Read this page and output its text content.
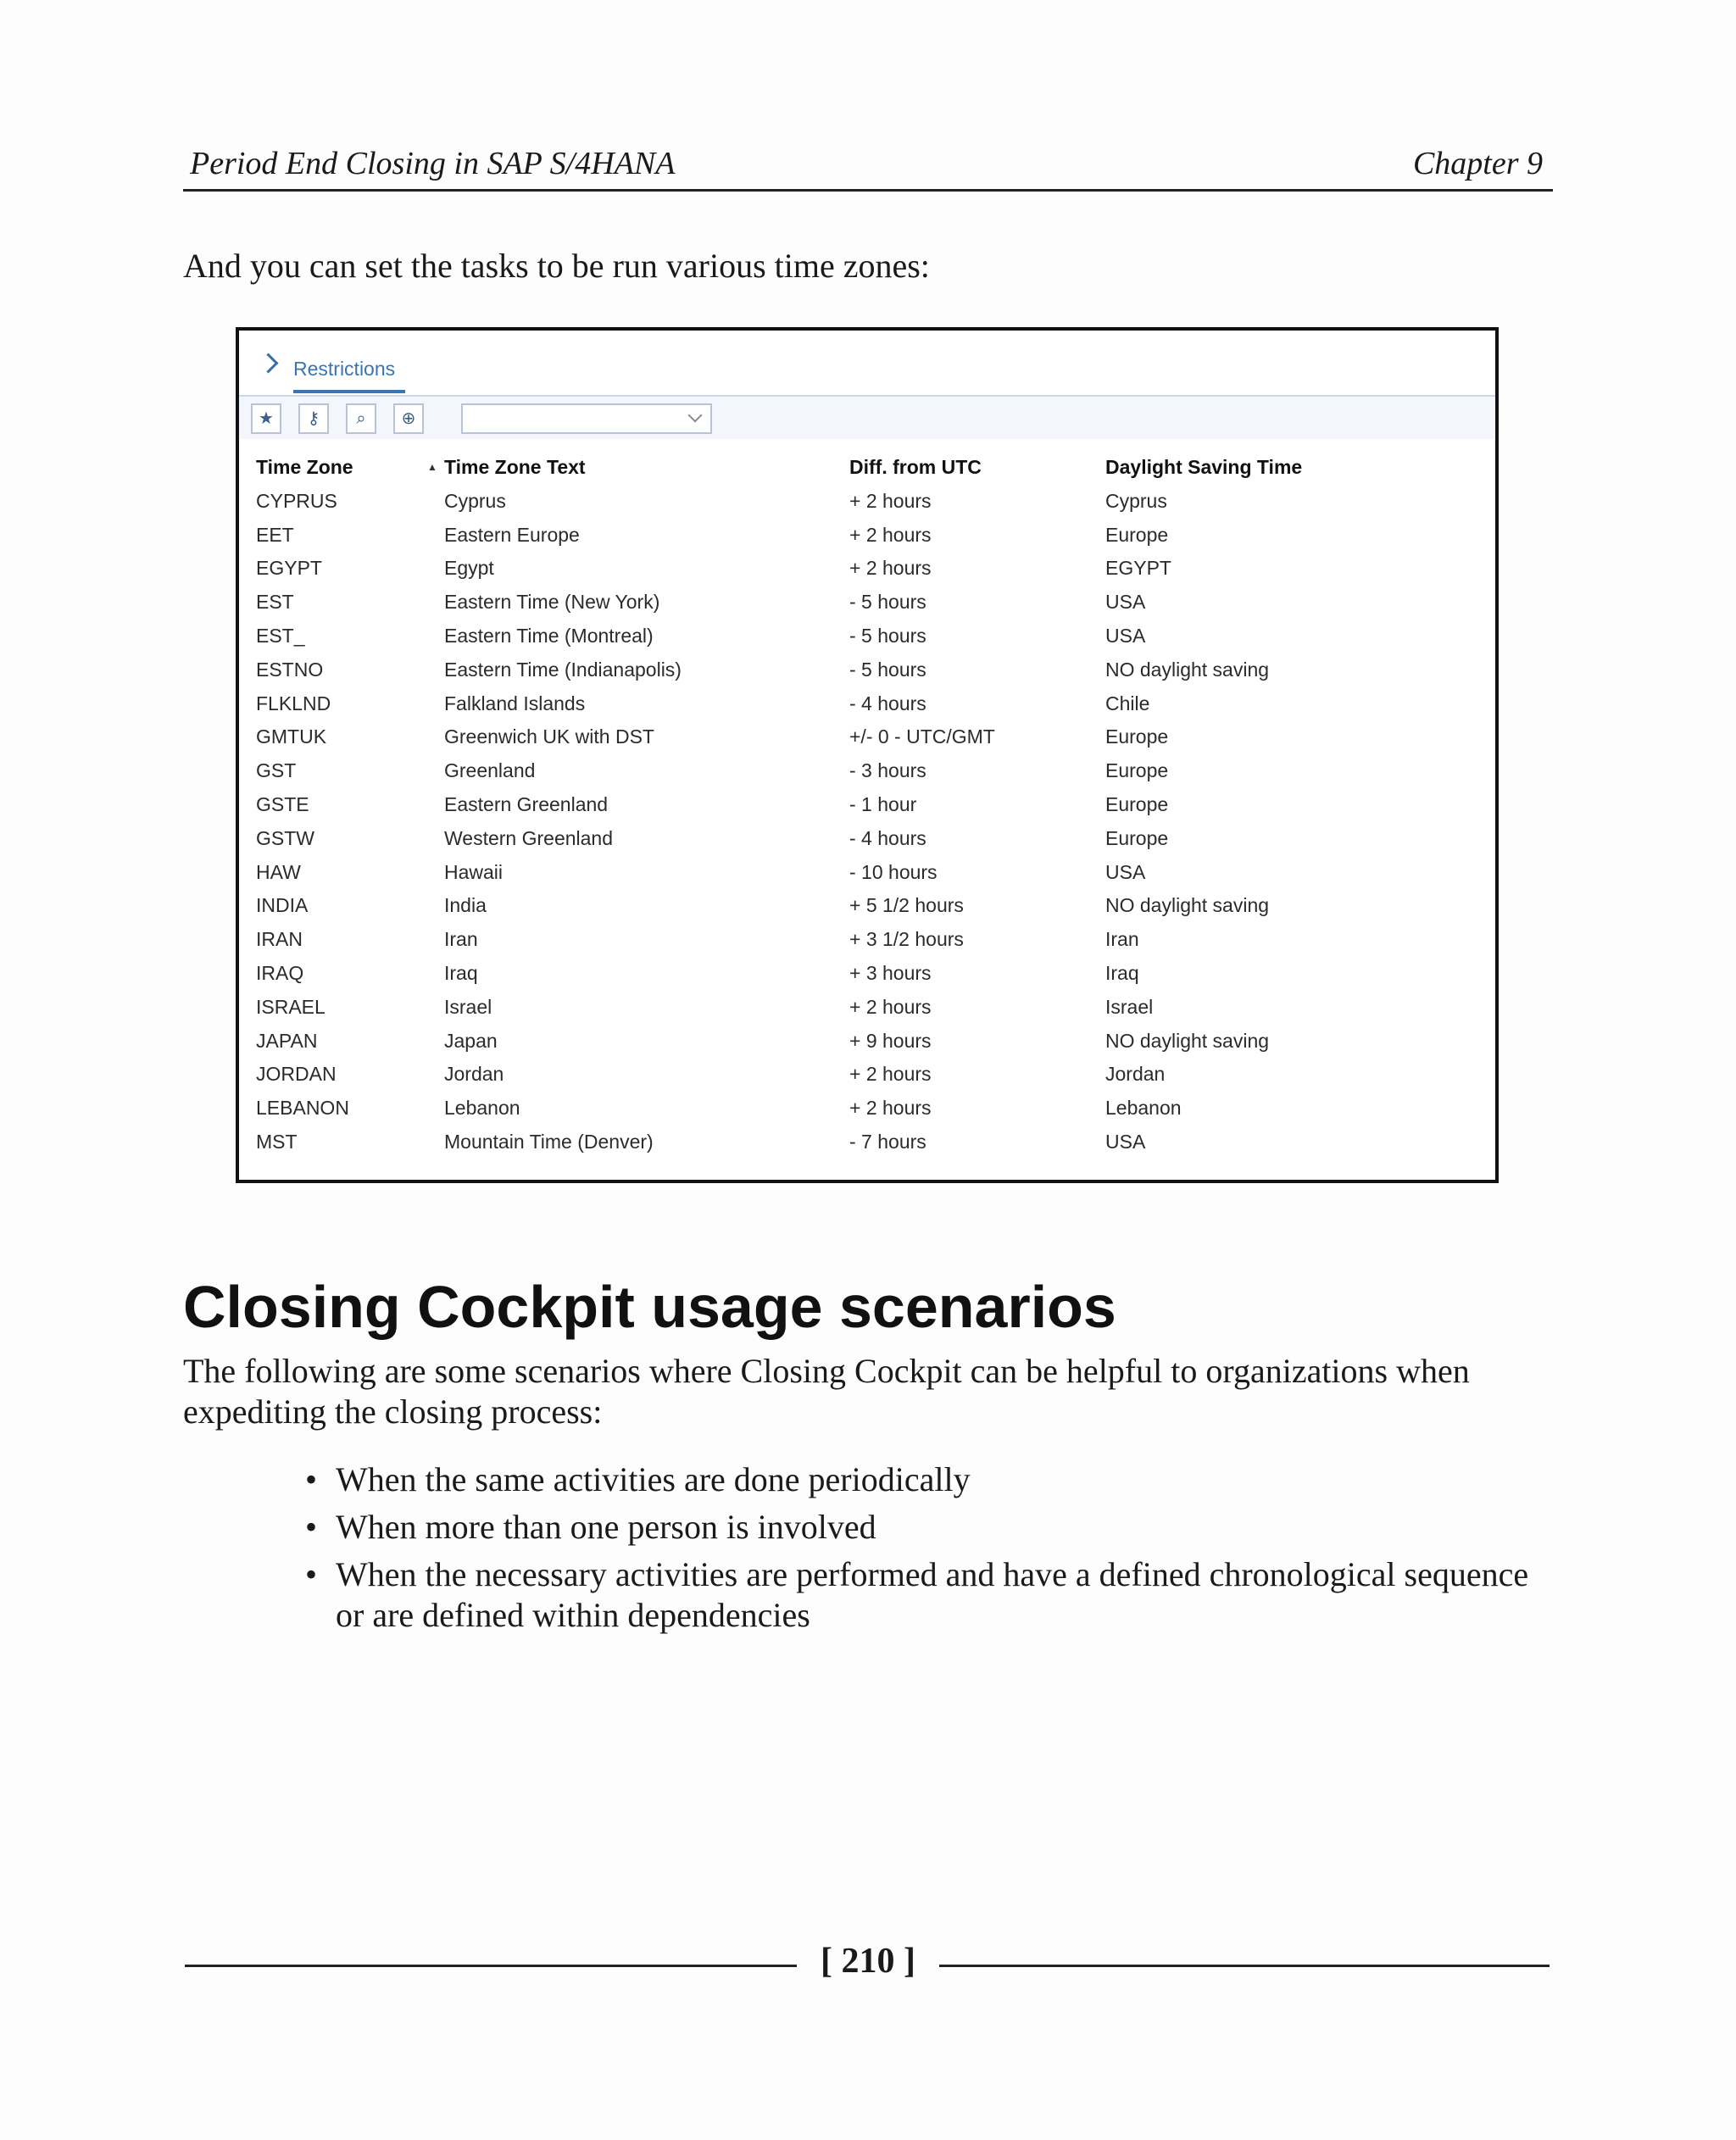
Period End Closing in SAP S/4HANA	Chapter 9
And you can set the tasks to be run various time zones:
Restrictions
★	⚷	⌕	⊕
Time Zone	▲ Time Zone Text	Diff. from UTC	Daylight Saving Time
CYPRUS	Cyprus	+ 2 hours	Cyprus
EET	Eastern Europe	+ 2 hours	Europe
EGYPT	Egypt	+ 2 hours	EGYPT
EST	Eastern Time (New York)	- 5 hours	USA
EST_	Eastern Time (Montreal)	- 5 hours	USA
ESTNO	Eastern Time (Indianapolis)	- 5 hours	NO daylight saving
FLKLND	Falkland Islands	- 4 hours	Chile
GMTUK	Greenwich UK with DST	+/- 0 - UTC/GMT	Europe
GST	Greenland	- 3 hours	Europe
GSTE	Eastern Greenland	- 1 hour	Europe
GSTW	Western Greenland	- 4 hours	Europe
HAW	Hawaii	- 10 hours	USA
INDIA	India	+ 5 1/2 hours	NO daylight saving
IRAN	Iran	+ 3 1/2 hours	Iran
IRAQ	Iraq	+ 3 hours	Iraq
ISRAEL	Israel	+ 2 hours	Israel
JAPAN	Japan	+ 9 hours	NO daylight saving
JORDAN	Jordan	+ 2 hours	Jordan
LEBANON	Lebanon	+ 2 hours	Lebanon
MST	Mountain Time (Denver)	- 7 hours	USA
Closing Cockpit usage scenarios
The following are some scenarios where Closing Cockpit can be helpful to organizations when expediting the closing process:
• When the same activities are done periodically
• When more than one person is involved
• When the necessary activities are performed and have a defined chronological sequence or are defined within dependencies
[ 210 ]
